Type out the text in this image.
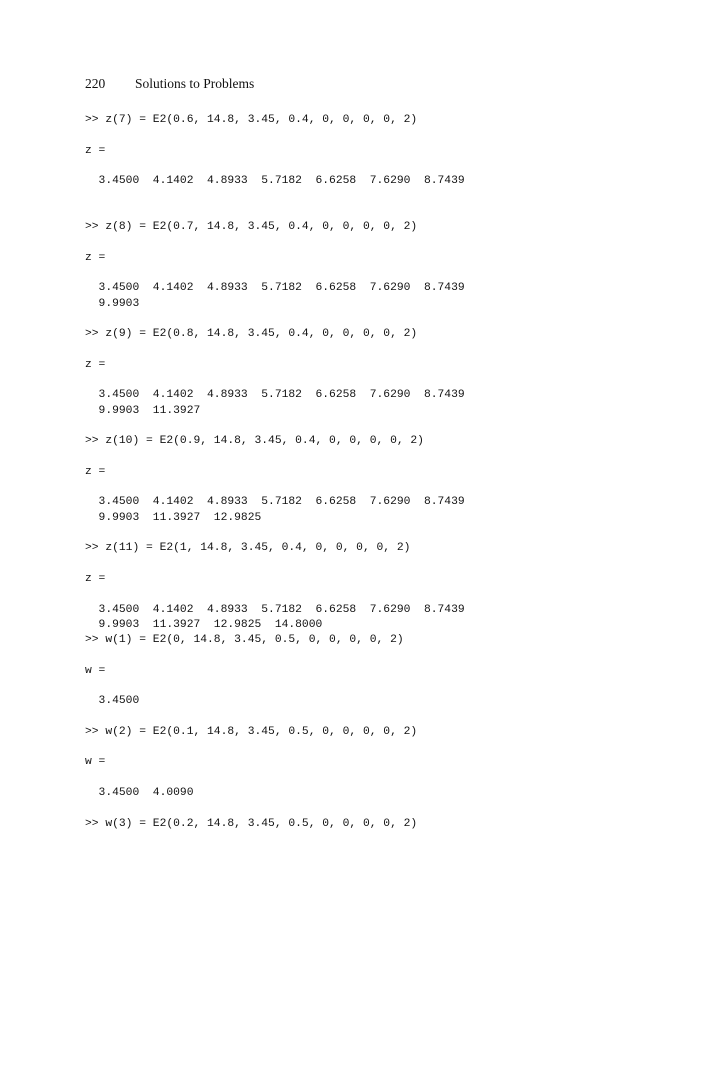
220 Solutions to Problems
>> z(7) = E2(0.6, 14.8, 3.45, 0.4, 0, 0, 0, 0, 2)
z =
3.4500  4.1402  4.8933  5.7182  6.6258  7.6290  8.7439
>> z(8) = E2(0.7, 14.8, 3.45, 0.4, 0, 0, 0, 0, 2)
z =
3.4500  4.1402  4.8933  5.7182  6.6258  7.6290  8.7439
9.9903
>> z(9) = E2(0.8, 14.8, 3.45, 0.4, 0, 0, 0, 0, 2)
z =
3.4500  4.1402  4.8933  5.7182  6.6258  7.6290  8.7439
9.9903  11.3927
>> z(10) = E2(0.9, 14.8, 3.45, 0.4, 0, 0, 0, 0, 2)
z =
3.4500  4.1402  4.8933  5.7182  6.6258  7.6290  8.7439
9.9903  11.3927  12.9825
>> z(11) = E2(1, 14.8, 3.45, 0.4, 0, 0, 0, 0, 2)
z =
3.4500  4.1402  4.8933  5.7182  6.6258  7.6290  8.7439
9.9903  11.3927  12.9825  14.8000
>> w(1) = E2(0, 14.8, 3.45, 0.5, 0, 0, 0, 0, 2)
w =
3.4500
>> w(2) = E2(0.1, 14.8, 3.45, 0.5, 0, 0, 0, 0, 2)
w =
3.4500  4.0090
>> w(3) = E2(0.2, 14.8, 3.45, 0.5, 0, 0, 0, 0, 2)
